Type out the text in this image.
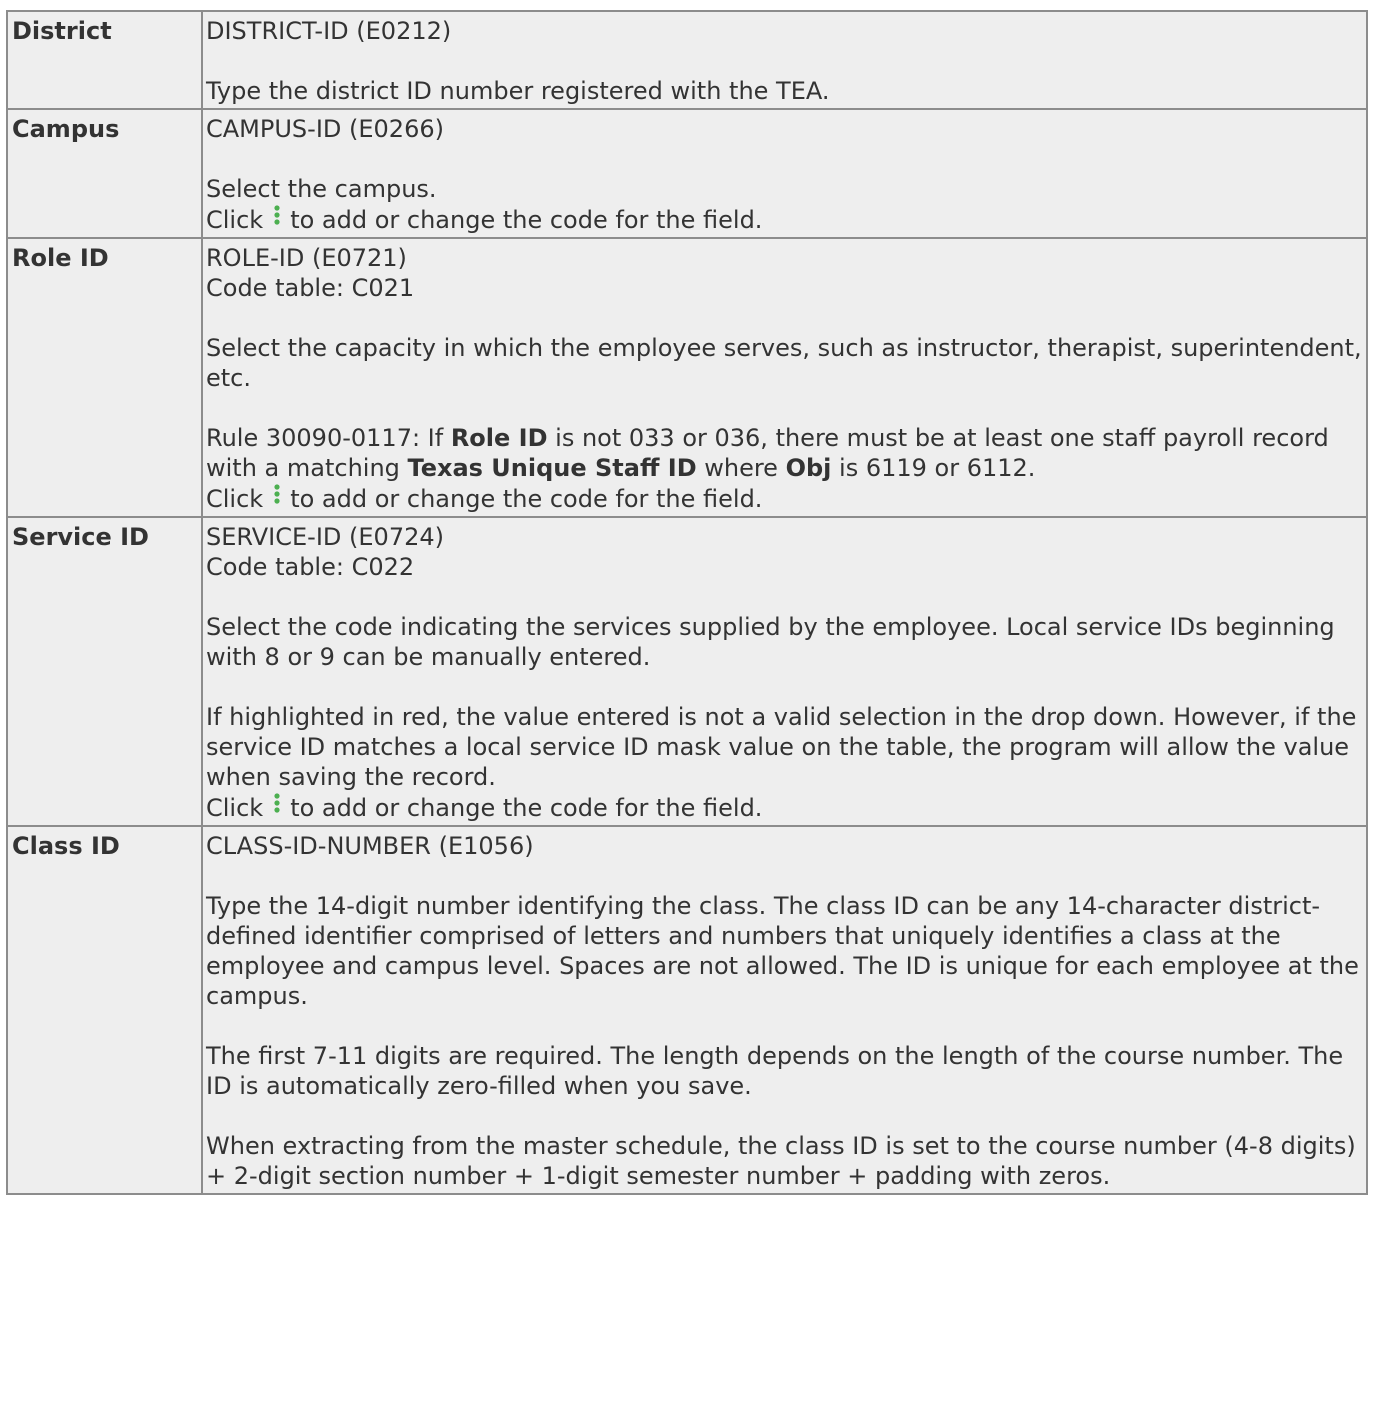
District	DISTRICT-ID (E0212)
Type the district ID number registered with the TEA.

Campus	CAMPUS-ID (E0266)
Select the campus.
Click to add or change the code for the field.

Role ID	ROLE-ID (E0721)
Code table: C021
Select the capacity in which the employee serves, such as instructor, therapist, superintendent, etc.
Rule 30090-0117: If Role ID is not 033 or 036, there must be at least one staff payroll record with a matching Texas Unique Staff ID where Obj is 6119 or 6112.
Click to add or change the code for the field.

Service ID	SERVICE-ID (E0724)
Code table: C022
Select the code indicating the services supplied by the employee. Local service IDs beginning with 8 or 9 can be manually entered.
If highlighted in red, the value entered is not a valid selection in the drop down. However, if the service ID matches a local service ID mask value on the table, the program will allow the value when saving the record.
Click to add or change the code for the field.

Class ID	CLASS-ID-NUMBER (E1056)
Type the 14-digit number identifying the class. The class ID can be any 14-character district-defined identifier comprised of letters and numbers that uniquely identifies a class at the employee and campus level. Spaces are not allowed. The ID is unique for each employee at the campus.
The first 7-11 digits are required. The length depends on the length of the course number. The ID is automatically zero-filled when you save.
When extracting from the master schedule, the class ID is set to the course number (4-8 digits) + 2-digit section number + 1-digit semester number + padding with zeros.
